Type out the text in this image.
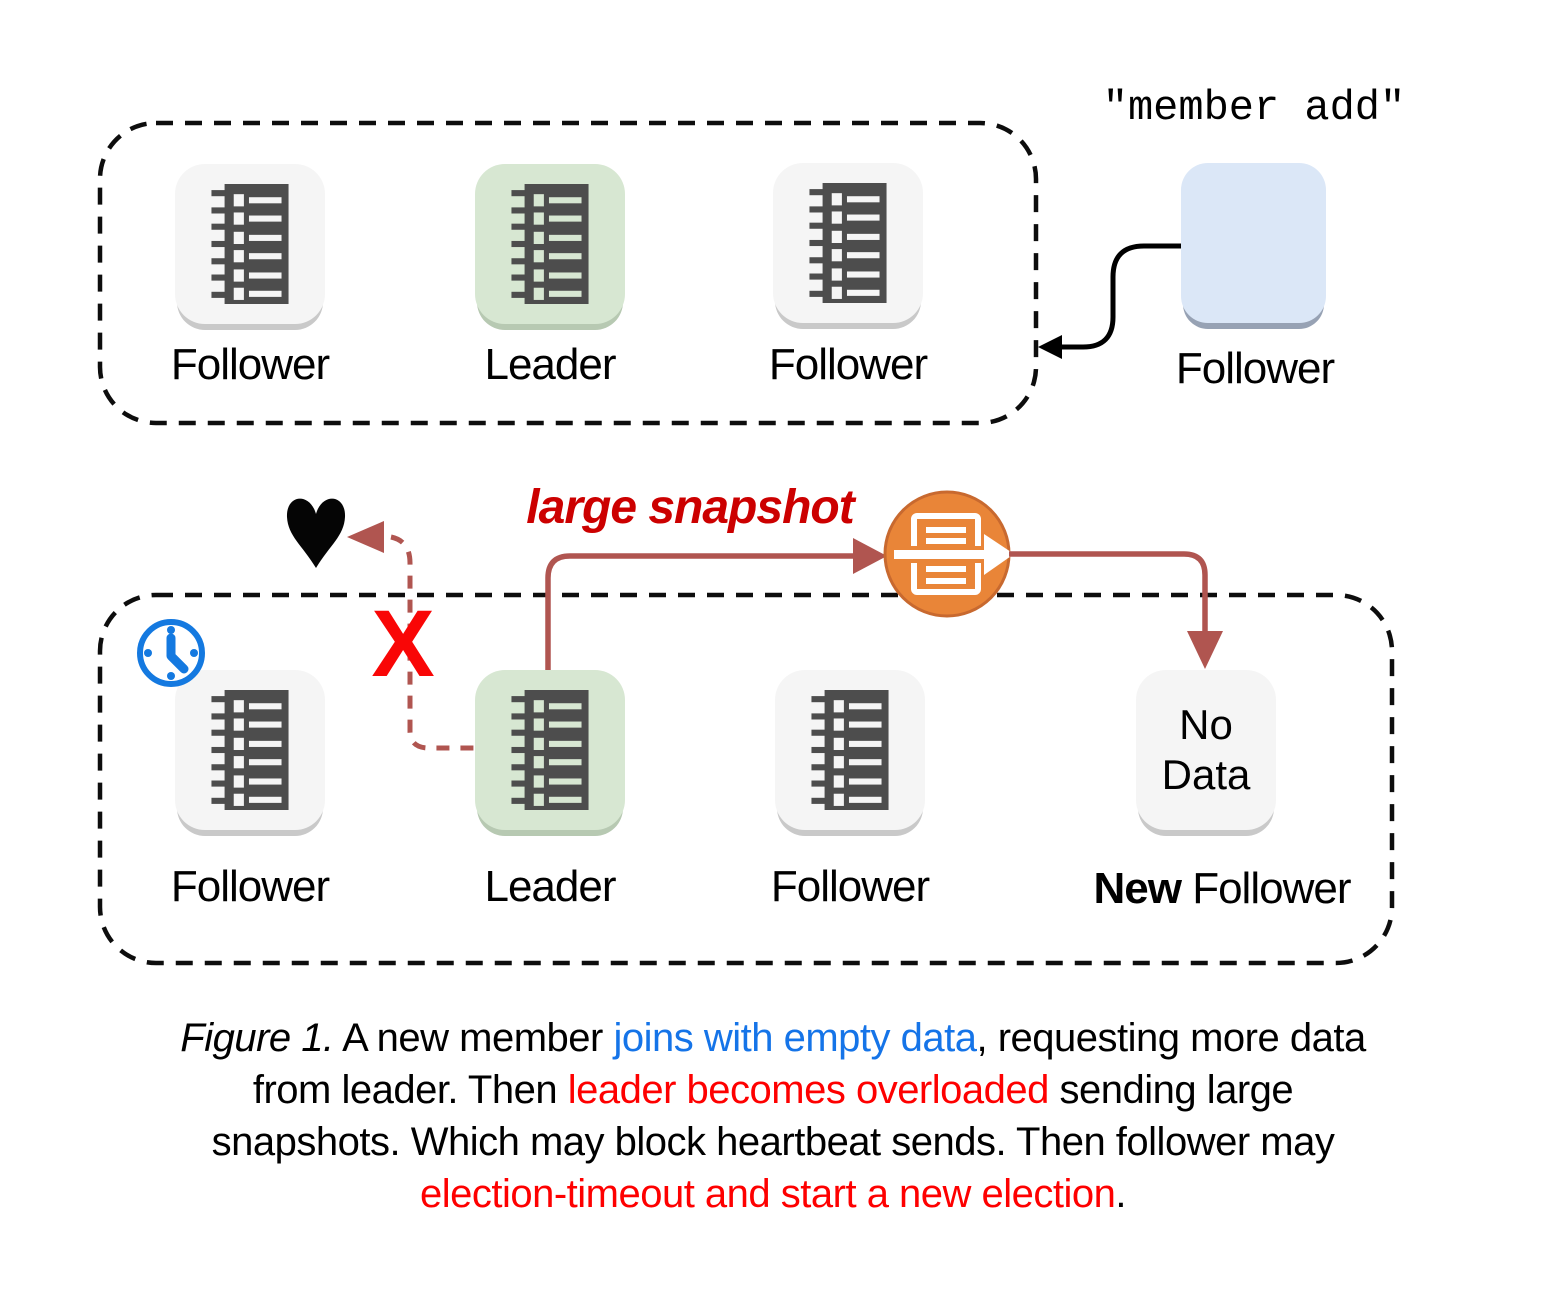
X
"member add"
Follower	Leader	Follower	Follower
large snapshot
No
Data
Follower	Leader	Follower	New Follower
Figure 1. A new member joins with empty data, requesting more data
from leader. Then leader becomes overloaded sending large
snapshots. Which may block heartbeat sends. Then follower may
election-timeout and start a new election.
